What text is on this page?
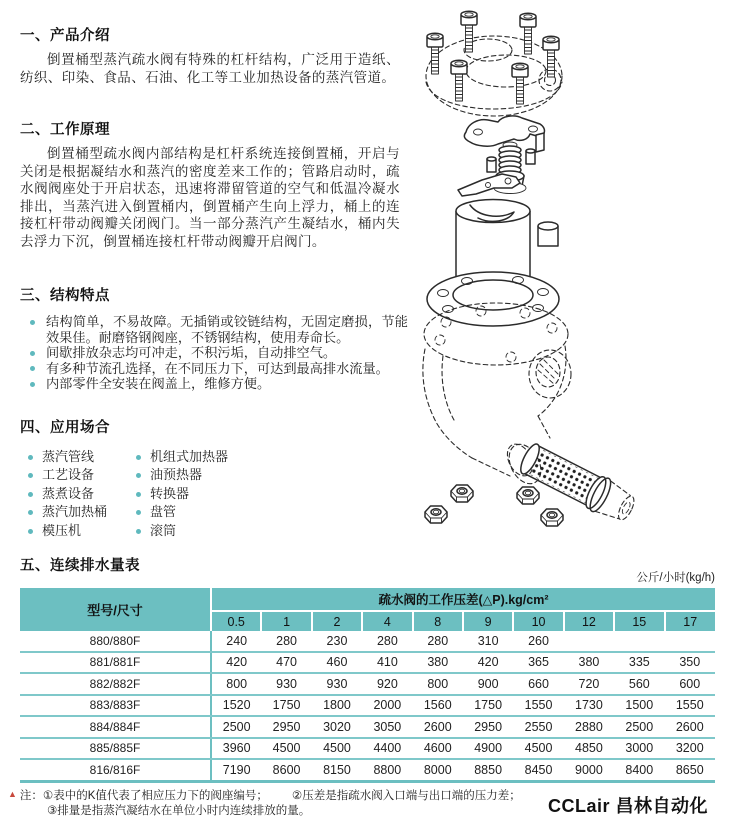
一、产品介绍

倒置桶型蒸汽疏水阀有特殊的杠杆结构，广泛用于造纸、纺织、印染、食品、石油、化工等工业加热设备的蒸汽管道。

二、工作原理

倒置桶型疏水阀内部结构是杠杆系统连接倒置桶，开启与关闭是根据凝结水和蒸汽的密度差来工作的；管路启动时，疏水阀阀座处于开启状态，迅速将滞留管道的空气和低温冷凝水排出，当蒸汽进入倒置桶内，倒置桶产生向上浮力，桶上的连接杠杆带动阀瓣关闭阀门。当一部分蒸汽产生凝结水，桶内失去浮力下沉，倒置桶连接杠杆带动阀瓣开启阀门。

三、结构特点
结构简单，不易故障。无插销或铰链结构，无固定磨损，节能效果佳。耐磨铬钢阀座，不锈钢结构，使用寿命长。
间歇排放杂志均可冲走，不积污垢，自动排空气。
有多种节流孔选择，在不同压力下，可达到最高排水流量。
内部零件全安装在阀盖上，维修方便。
四、应用场合
蒸汽管线
工艺设备
蒸煮设备
蒸汽加热桶
模压机
机组式加热器
油预热器
转换器
盘管
滚筒
五、连续排水量表
公斤/小时(kg/h)
型号/尺寸	疏水阀的工作压差(△P).kg/cm²									
	0.5	1	2	4	8	9	10	12	15	17
880/880F	240	280	230	280	280	310	260			
881/881F	420	470	460	410	380	420	365	380	335	350
882/882F	800	930	930	920	800	900	660	720	560	600
883/883F	1520	1750	1800	2000	1560	1750	1550	1730	1500	1550
884/884F	2500	2950	3020	3050	2600	2950	2550	2880	2500	2600
885/885F	3960	4500	4500	4400	4600	4900	4500	4850	3000	3200
816/816F	7190	8600	8150	8800	8000	8850	8450	9000	8400	8650
▲ 注：①表中的K值代表了相应压力下的阀座编号； ②压差是指疏水阀入口端与出口端的压力差；
③排量是指蒸汽凝结水在单位小时内连续排放的量。	CCLair 昌林自动化
